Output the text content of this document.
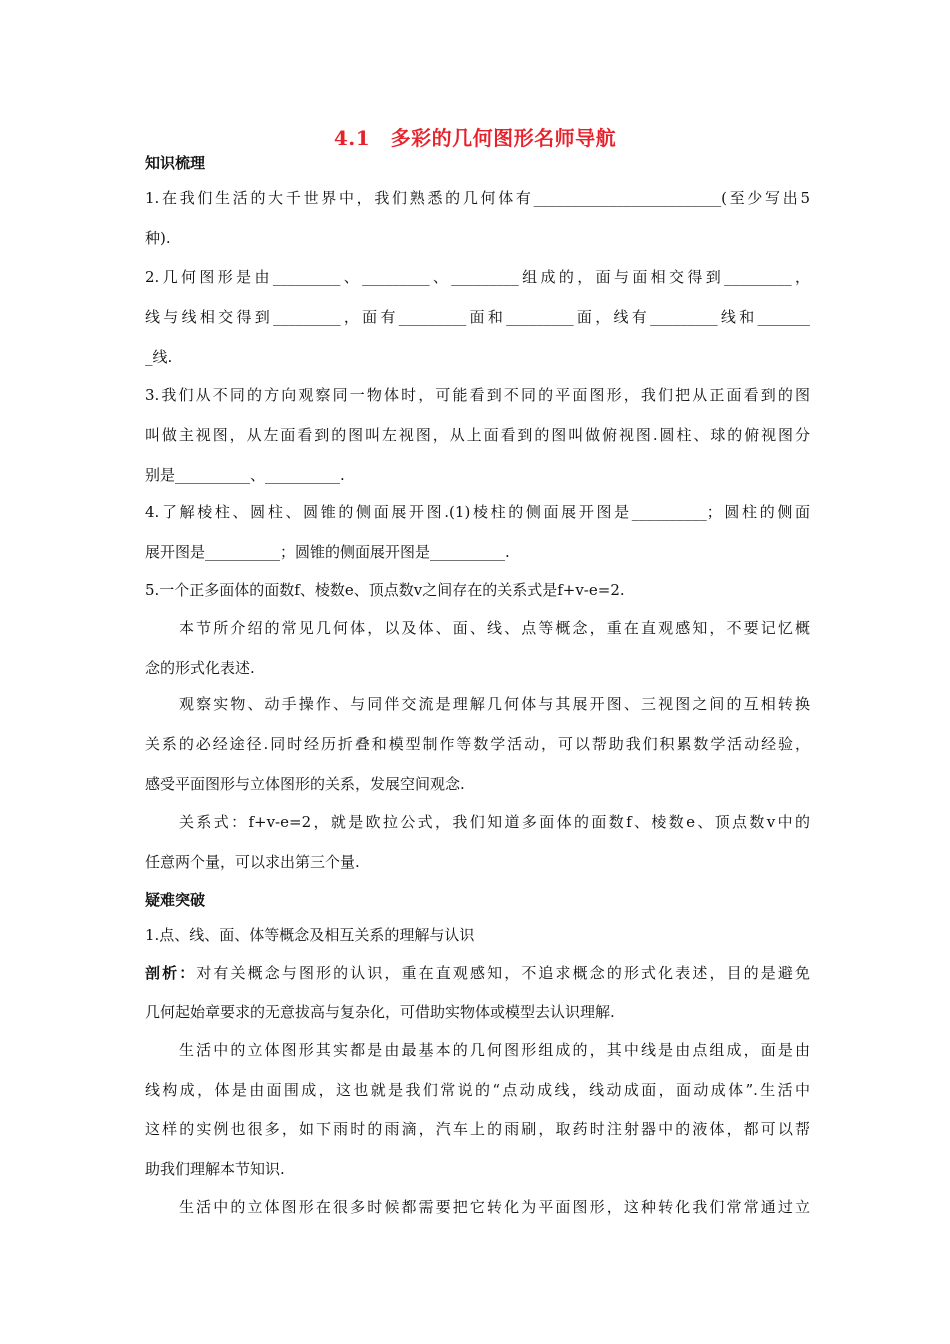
4.1　多彩的几何图形名师导航
知识梳理
1.在我们生活的大千世界中，我们熟悉的几何体有_________________________(至少写出5
种).
2.几何图形是由_________、_________、_________组成的，面与面相交得到_________，
线与线相交得到_________，面有_________面和_________面，线有_________线和_______
_线.
3.我们从不同的方向观察同一物体时，可能看到不同的平面图形，我们把从正面看到的图
叫做主视图，从左面看到的图叫左视图，从上面看到的图叫做俯视图.圆柱、球的俯视图分
别是__________、__________.
4.了解棱柱、圆柱、圆锥的侧面展开图.(1)棱柱的侧面展开图是__________；圆柱的侧面
展开图是__________；圆锥的侧面展开图是__________.
5.一个正多面体的面数f、棱数e、顶点数v之间存在的关系式是f+v-e=2.
本节所介绍的常见几何体，以及体、面、线、点等概念，重在直观感知，不要记忆概
念的形式化表述.
观察实物、动手操作、与同伴交流是理解几何体与其展开图、三视图之间的互相转换
关系的必经途径.同时经历折叠和模型制作等数学活动，可以帮助我们积累数学活动经验，
感受平面图形与立体图形的关系，发展空间观念.
关系式：f+v-e=2，就是欧拉公式，我们知道多面体的面数f、棱数e、顶点数v中的
任意两个量，可以求出第三个量.
疑难突破
1.点、线、面、体等概念及相互关系的理解与认识
剖析：对有关概念与图形的认识，重在直观感知，不追求概念的形式化表述，目的是避免
几何起始章要求的无意拔高与复杂化，可借助实物体或模型去认识理解.
生活中的立体图形其实都是由最基本的几何图形组成的，其中线是由点组成，面是由
线构成，体是由面围成，这也就是我们常说的“点动成线，线动成面，面动成体”.生活中
这样的实例也很多，如下雨时的雨滴，汽车上的雨刷，取药时注射器中的液体，都可以帮
助我们理解本节知识.
生活中的立体图形在很多时候都需要把它转化为平面图形，这种转化我们常常通过立
